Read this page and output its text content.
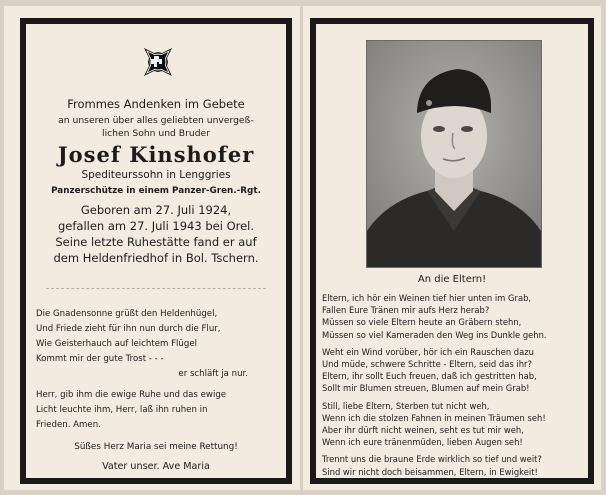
Frommes Andenken im Gebete
an unseren über alles geliebten unvergeß-
lichen Sohn und Bruder
Josef Kinshofer
Spediteurssohn in Lenggries
Panzerschütze in einem Panzer-Gren.-Rgt.
Geboren am 27. Juli 1924,
gefallen am 27. Juli 1943 bei Orel.
Seine letzte Ruhestätte fand er auf
dem Heldenfriedhof in Bol. Tschern.
Die Gnadensonne grüßt den Heldenhügel,
Und Friede zieht für ihn nun durch die Flur,
Wie Geisterhauch auf leichtem Flügel
Kommt mir der gute Trost - - -
er schläft ja nur.
Herr, gib ihm die ewige Ruhe und das ewige
Licht leuchte ihm, Herr, laß ihn ruhen in
Frieden. Amen.
Süßes Herz Maria sei meine Rettung!
Vater unser. Ave Maria
An die Eltern!
Eltern, ich hör ein Weinen tief hier unten im Grab,
Fallen Eure Tränen mir aufs Herz herab?
Müssen so viele Eltern heute an Gräbern stehn,
Müssen so viel Kameraden den Weg ins Dunkle gehn.
Weht ein Wind vorüber, hör ich ein Rauschen dazu
Und müde, schwere Schritte - Eltern, seid das ihr?
Eltern, ihr sollt Euch freuen, daß ich gestritten hab,
Sollt mir Blumen streuen, Blumen auf mein Grab!
Still, liebe Eltern, Sterben tut nicht weh,
Wenn ich die stolzen Fahnen in meinen Träumen seh!
Aber ihr dürft nicht weinen, seht es tut mir weh,
Wenn ich eure tränenmüden, lieben Augen seh!
Trennt uns die braune Erde wirklich so tief und weit?
Sind wir nicht doch beisammen, Eltern, in Ewigkeit!
